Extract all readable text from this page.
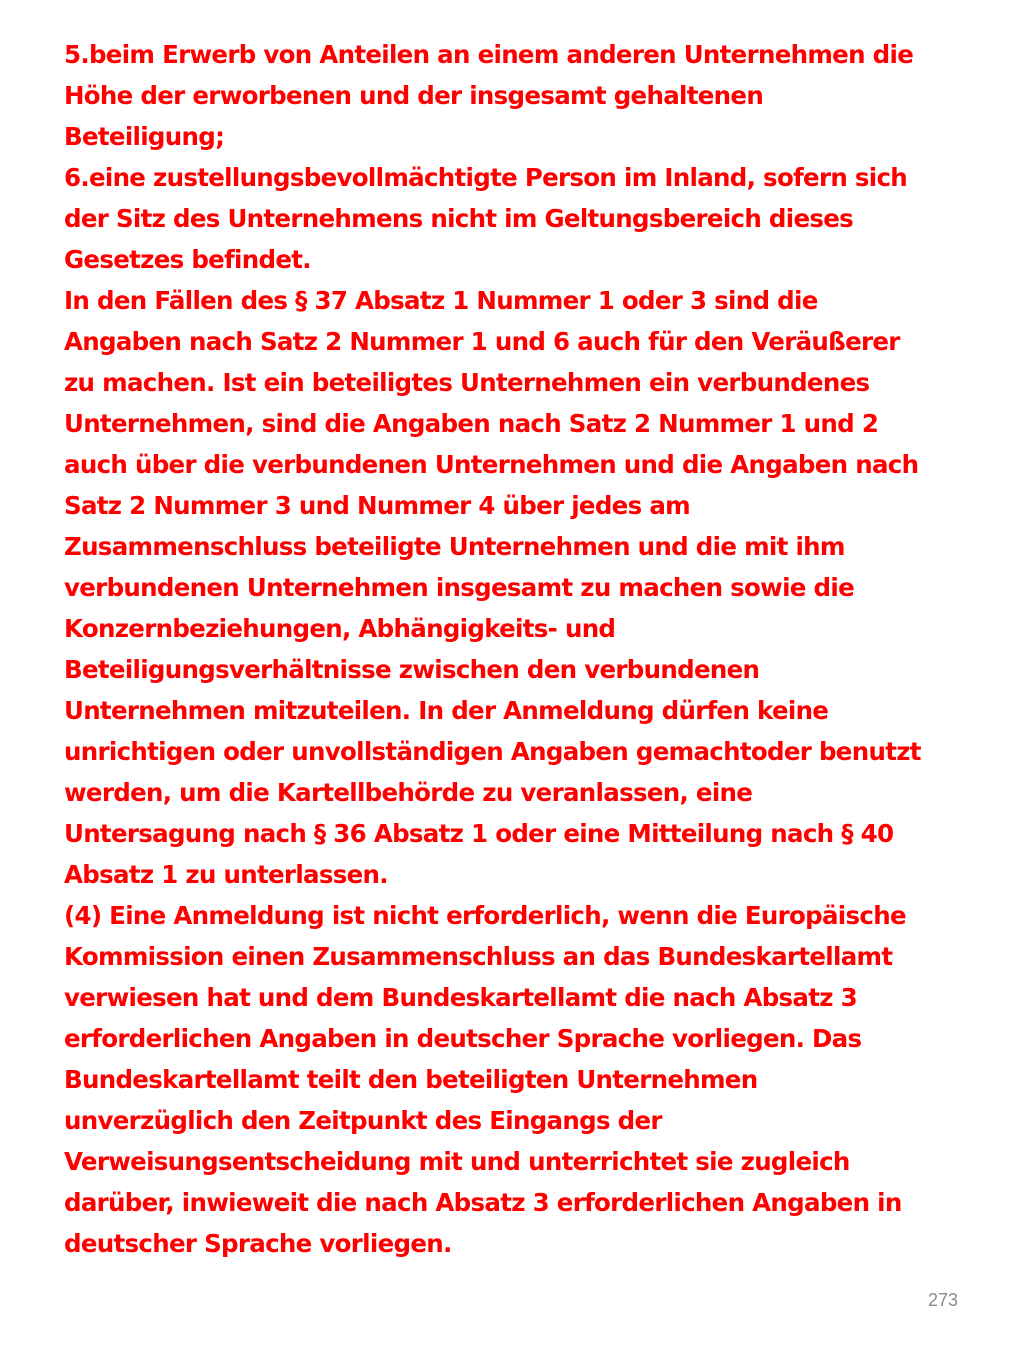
5.beim Erwerb von Anteilen an einem anderen Unternehmen die
Höhe der erworbenen und der insgesamt gehaltenen
Beteiligung;
6.eine zustellungsbevollmächtigte Person im Inland, sofern sich
der Sitz des Unternehmens nicht im Geltungsbereich dieses
Gesetzes befindet.
In den Fällen des § 37 Absatz 1 Nummer 1 oder 3 sind die
Angaben nach Satz 2 Nummer 1 und 6 auch für den Veräußerer
zu machen. Ist ein beteiligtes Unternehmen ein verbundenes
Unternehmen, sind die Angaben nach Satz 2 Nummer 1 und 2
auch über die verbundenen Unternehmen und die Angaben nach
Satz 2 Nummer 3 und Nummer 4 über jedes am
Zusammenschluss beteiligte Unternehmen und die mit ihm
verbundenen Unternehmen insgesamt zu machen sowie die
Konzernbeziehungen, Abhängigkeits- und
Beteiligungsverhältnisse zwischen den verbundenen
Unternehmen mitzuteilen. In der Anmeldung dürfen keine
unrichtigen oder unvollständigen Angaben gemachtoder benutzt
werden, um die Kartellbehörde zu veranlassen, eine
Untersagung nach § 36 Absatz 1 oder eine Mitteilung nach § 40
Absatz 1 zu unterlassen.
(4) Eine Anmeldung ist nicht erforderlich, wenn die Europäische
Kommission einen Zusammenschluss an das Bundeskartellamt
verwiesen hat und dem Bundeskartellamt die nach Absatz 3
erforderlichen Angaben in deutscher Sprache vorliegen. Das
Bundeskartellamt teilt den beteiligten Unternehmen
unverzüglich den Zeitpunkt des Eingangs der
Verweisungsentscheidung mit und unterrichtet sie zugleich
darüber, inwieweit die nach Absatz 3 erforderlichen Angaben in
deutscher Sprache vorliegen.
273
